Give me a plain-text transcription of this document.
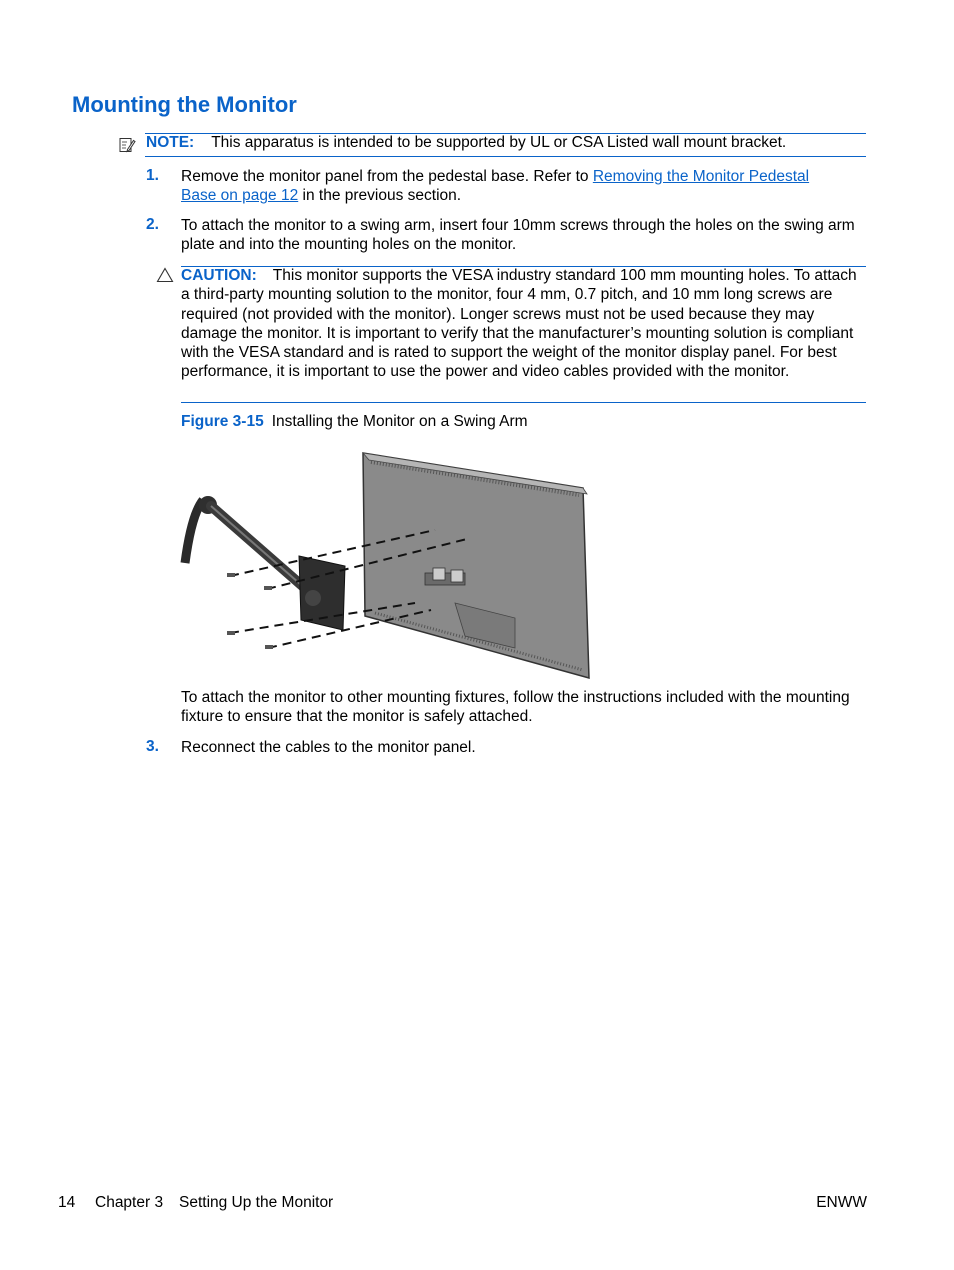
Mounting the Monitor
NOTE: This apparatus is intended to be supported by UL or CSA Listed wall mount bracket.
1. Remove the monitor panel from the pedestal base. Refer to Removing the Monitor Pedestal
Base on page 12 in the previous section.
2. To attach the monitor to a swing arm, insert four 10mm screws through the holes on the swing arm plate and into the mounting holes on the monitor.
CAUTION: This monitor supports the VESA industry standard 100 mm mounting holes. To attach a third-party mounting solution to the monitor, four 4 mm, 0.7 pitch, and 10 mm long screws are required (not provided with the monitor). Longer screws must not be used because they may damage the monitor. It is important to verify that the manufacturer’s mounting solution is compliant with the VESA standard and is rated to support the weight of the monitor display panel. For best performance, it is important to use the power and video cables provided with the monitor.
Figure 3-15 Installing the Monitor on a Swing Arm
To attach the monitor to other mounting fixtures, follow the instructions included with the mounting fixture to ensure that the monitor is safely attached.
3. Reconnect the cables to the monitor panel.
14 Chapter 3 Setting Up the Monitor	ENWW
